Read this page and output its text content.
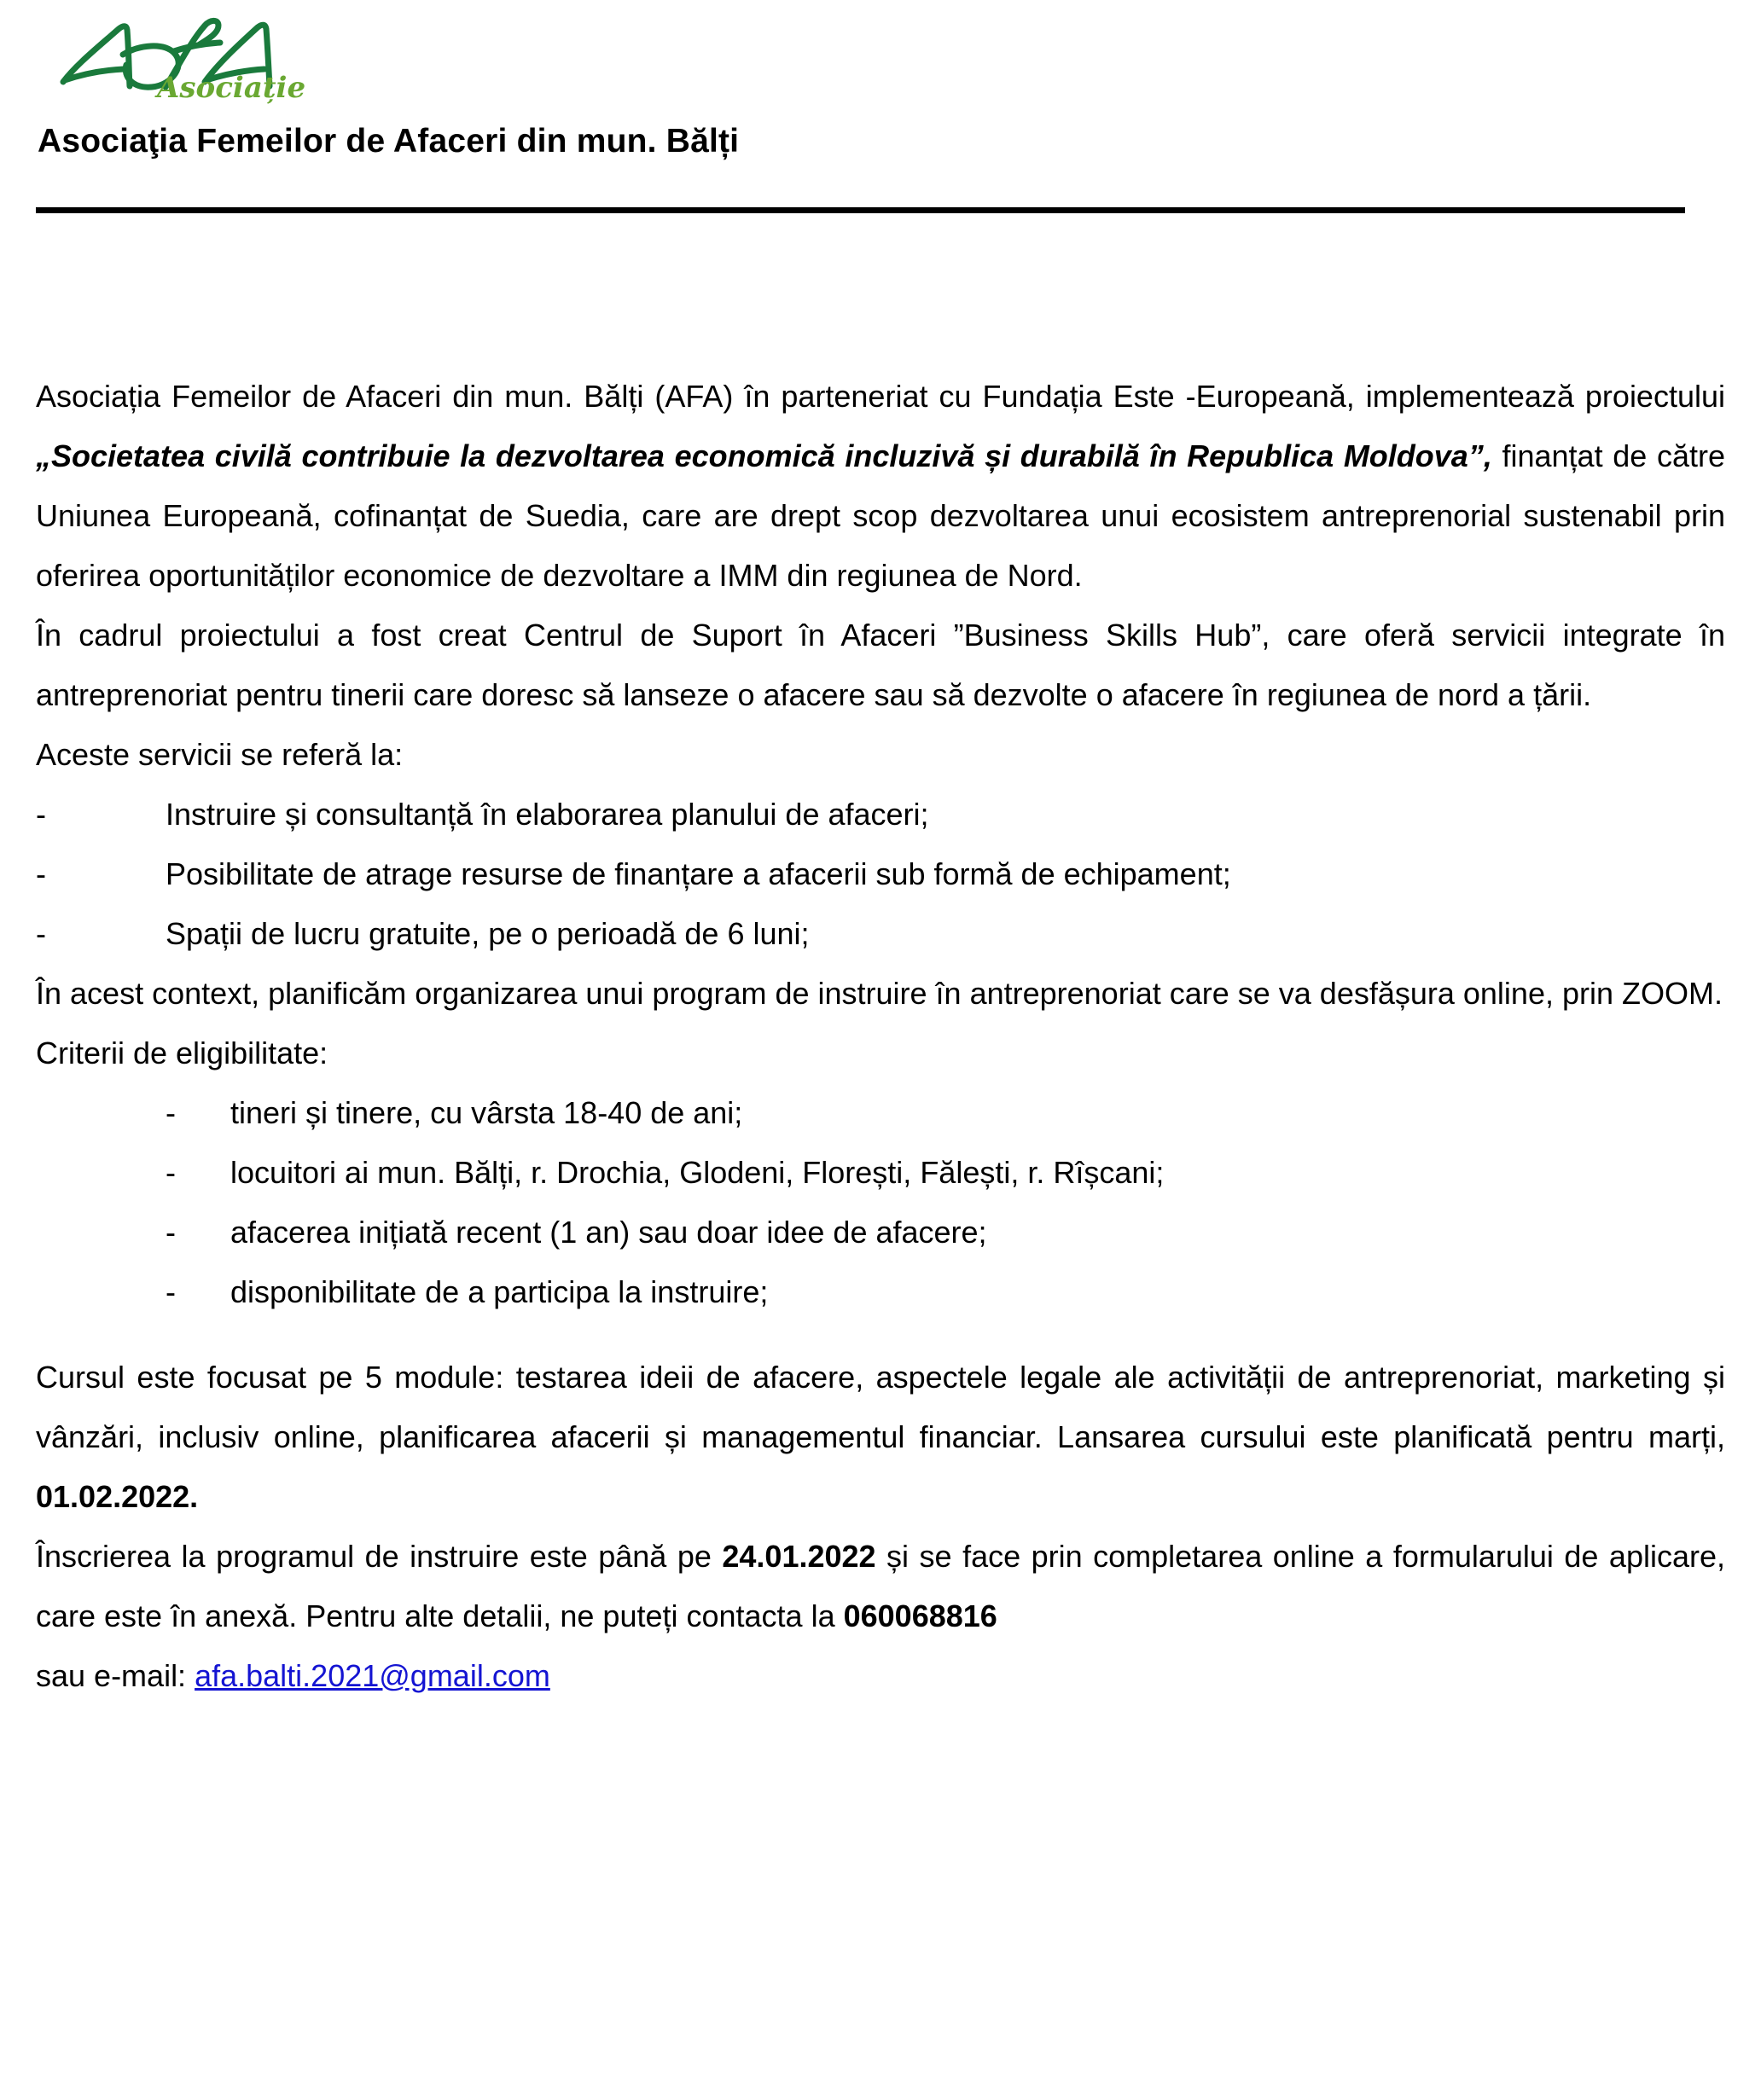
Asociație
Asociaţia Femeilor de Afaceri din mun. Bălți

Asociația Femeilor de Afaceri din mun. Bălți (AFA) în parteneriat cu Fundația Este -Europeană, implementează proiectului „Societatea civilă contribuie la dezvoltarea economică incluzivă și durabilă în Republica Moldova”, finanțat de către Uniunea Europeană, cofinanțat de Suedia, care are drept scop dezvoltarea unui ecosistem antreprenorial sustenabil prin oferirea oportunităților economice de dezvoltare a IMM din regiunea de Nord.

În cadrul proiectului a fost creat Centrul de Suport în Afaceri ”Business Skills Hub”, care oferă servicii integrate în antreprenoriat pentru tinerii care doresc să lanseze o afacere sau să dezvolte o afacere în regiunea de nord a țării.

Aceste servicii se referă la:

-	Instruire și consultanță în elaborarea planului de afaceri;
-	Posibilitate de atrage resurse de finanțare a afacerii sub formă de echipament;
-	Spații de lucru gratuite, pe o perioadă de 6 luni;

În acest context, planificăm organizarea unui program de instruire în antreprenoriat care se va desfășura online, prin ZOOM.

Criterii de eligibilitate:

-	tineri și tinere, cu vârsta 18-40 de ani;
-	locuitori ai mun. Bălți, r. Drochia, Glodeni, Florești, Fălești, r. Rîșcani;
-	afacerea inițiată recent (1 an) sau doar idee de afacere;
-	disponibilitate de a participa la instruire;

Cursul este focusat pe 5 module: testarea ideii de afacere, aspectele legale ale activității de antreprenoriat, marketing și vânzări, inclusiv online, planificarea afacerii și managementul financiar. Lansarea cursului este planificată pentru marți, 01.02.2022.

Înscrierea la programul de instruire este până pe 24.01.2022 și se face prin completarea online a formularului de aplicare, care este în anexă. Pentru alte detalii, ne puteți contacta la 060068816

sau e-mail: afa.balti.2021@gmail.com
